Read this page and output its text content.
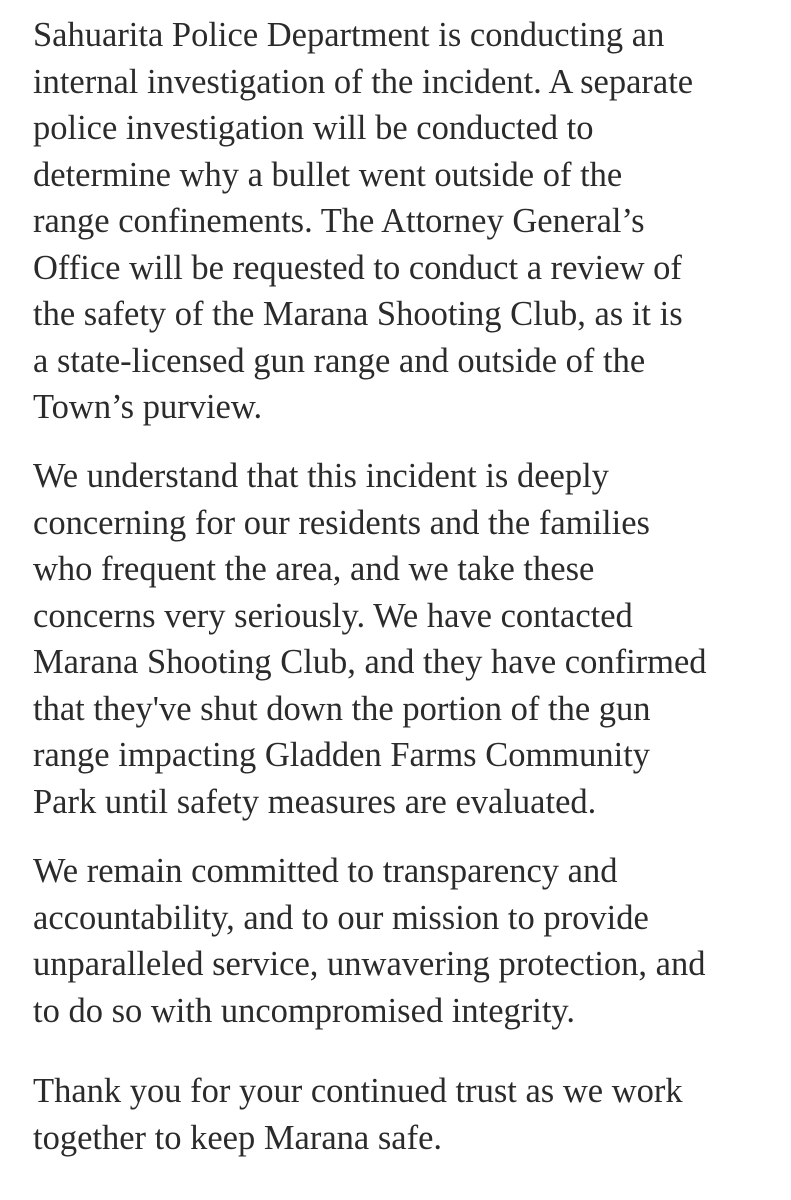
Sahuarita Police Department is conducting an
internal investigation of the incident. A separate
police investigation will be conducted to
determine why a bullet went outside of the
range confinements. The Attorney General’s
Office will be requested to conduct a review of
the safety of the Marana Shooting Club, as it is
a state-licensed gun range and outside of the
Town’s purview.

We understand that this incident is deeply
concerning for our residents and the families
who frequent the area, and we take these
concerns very seriously. We have contacted
Marana Shooting Club, and they have confirmed
that they've shut down the portion of the gun
range impacting Gladden Farms Community
Park until safety measures are evaluated.

We remain committed to transparency and
accountability, and to our mission to provide
unparalleled service, unwavering protection, and
to do so with uncompromised integrity.

Thank you for your continued trust as we work
together to keep Marana safe.
